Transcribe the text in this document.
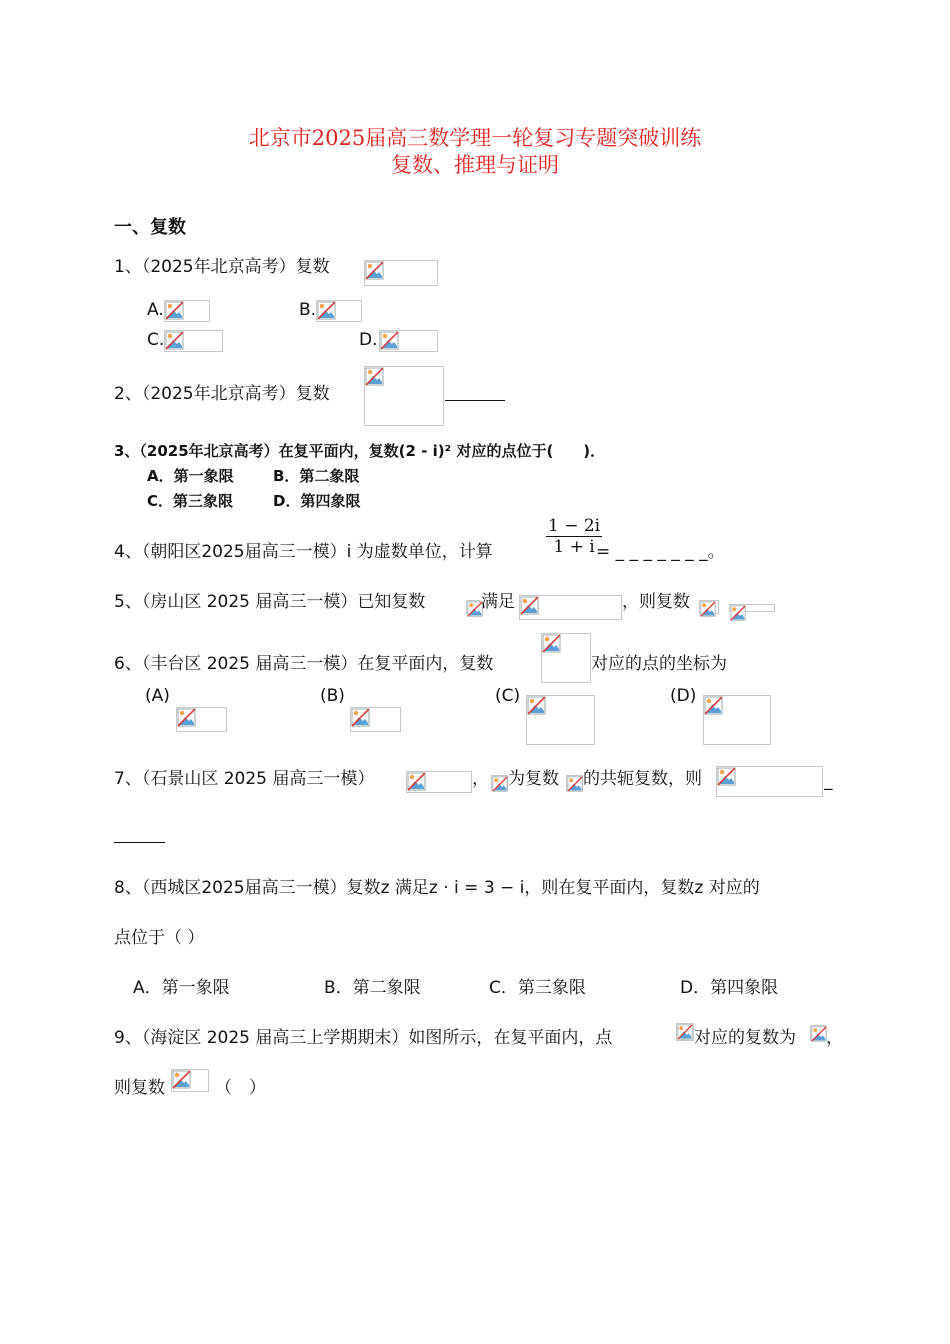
北京市2025届高三数学理一轮复习专题突破训练
复数、推理与证明
一、复数
1、（2025年北京高考）复数
A.	B.
C.	D.
2、（2025年北京高考）复数
3、（2025年北京高考）在复平面内，复数(2 - i)² 对应的点位于(　　)．
A．第一象限	B．第二象限
C．第三象限	D．第四象限
4、（朝阳区2025届高三一模）i 为虚数单位，计算	$\frac{1 - 2i}{1 + i}$
= _ _ _ _ _ _ _。
5、（房山区 2025 届高三一模）已知复数	满足	，则复数
6、（丰台区 2025 届高三一模）在复平面内，复数	对应的点的坐标为
(A)	(B)	(C)	(D)
7、（石景山区 2025 届高三一模）	， 为复数 的共轭复数，则	_
8、（西城区2025届高三一模）复数z 满足z · i = 3 − i，则在复平面内，复数z 对应的
点位于（ ）
A．第一象限	B．第二象限	C．第三象限	D．第四象限
9、（海淀区 2025 届高三上学期期末）如图所示，在复平面内，点	对应的复数为 ，
则复数	（　）
